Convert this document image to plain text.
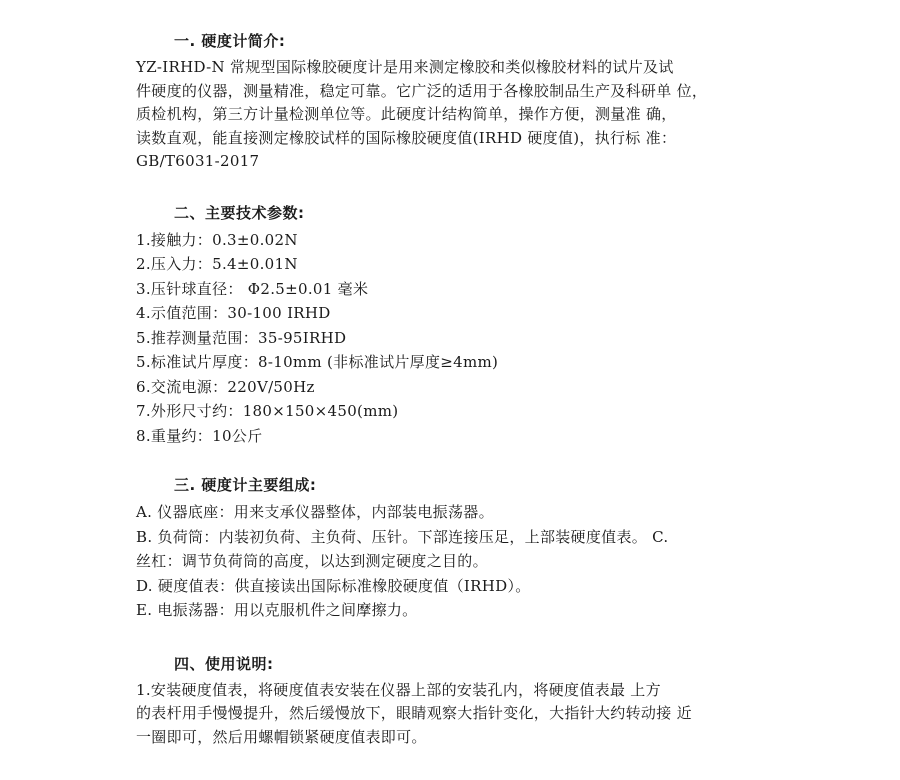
一. 硬度计简介:

YZ-IRHD-N 常规型国际橡胶硬度计是用来测定橡胶和类似橡胶材料的试片及试

件硬度的仪器，测量精准，稳定可靠。它广泛的适用于各橡胶制品生产及科研单 位，

质检机构，第三方计量检测单位等。此硬度计结构简单，操作方便，测量准 确，

读数直观，能直接测定橡胶试样的国际橡胶硬度值(IRHD 硬度值)，执行标 准：

GB/T6031-2017

二、主要技术参数:

1.接触力：0.3±0.02N

2.压入力：5.4±0.01N

3.压针球直径： Φ2.5±0.01 毫米

4.示值范围：30-100 IRHD

5.推荐测量范围：35-95IRHD

5.标准试片厚度：8-10mm (非标准试片厚度≥4mm)

6.交流电源：220V/50Hz

7.外形尺寸约：180×150×450(mm)

8.重量约：10公斤

三. 硬度计主要组成:

A. 仪器底座：用来支承仪器整体，内部装电振荡器。

B. 负荷筒：内装初负荷、主负荷、压针。下部连接压足，上部装硬度值表。 C.

丝杠：调节负荷筒的高度，以达到测定硬度之目的。

D. 硬度值表：供直接读出国际标准橡胶硬度值（IRHD）。

E. 电振荡器：用以克服机件之间摩擦力。

四、使用说明:

1.安装硬度值表，将硬度值表安装在仪器上部的安装孔内，将硬度值表最 上方

的表杆用手慢慢提升，然后缓慢放下，眼睛观察大指针变化，大指针大约转动接 近

一圈即可，然后用螺帽锁紧硬度值表即可。
